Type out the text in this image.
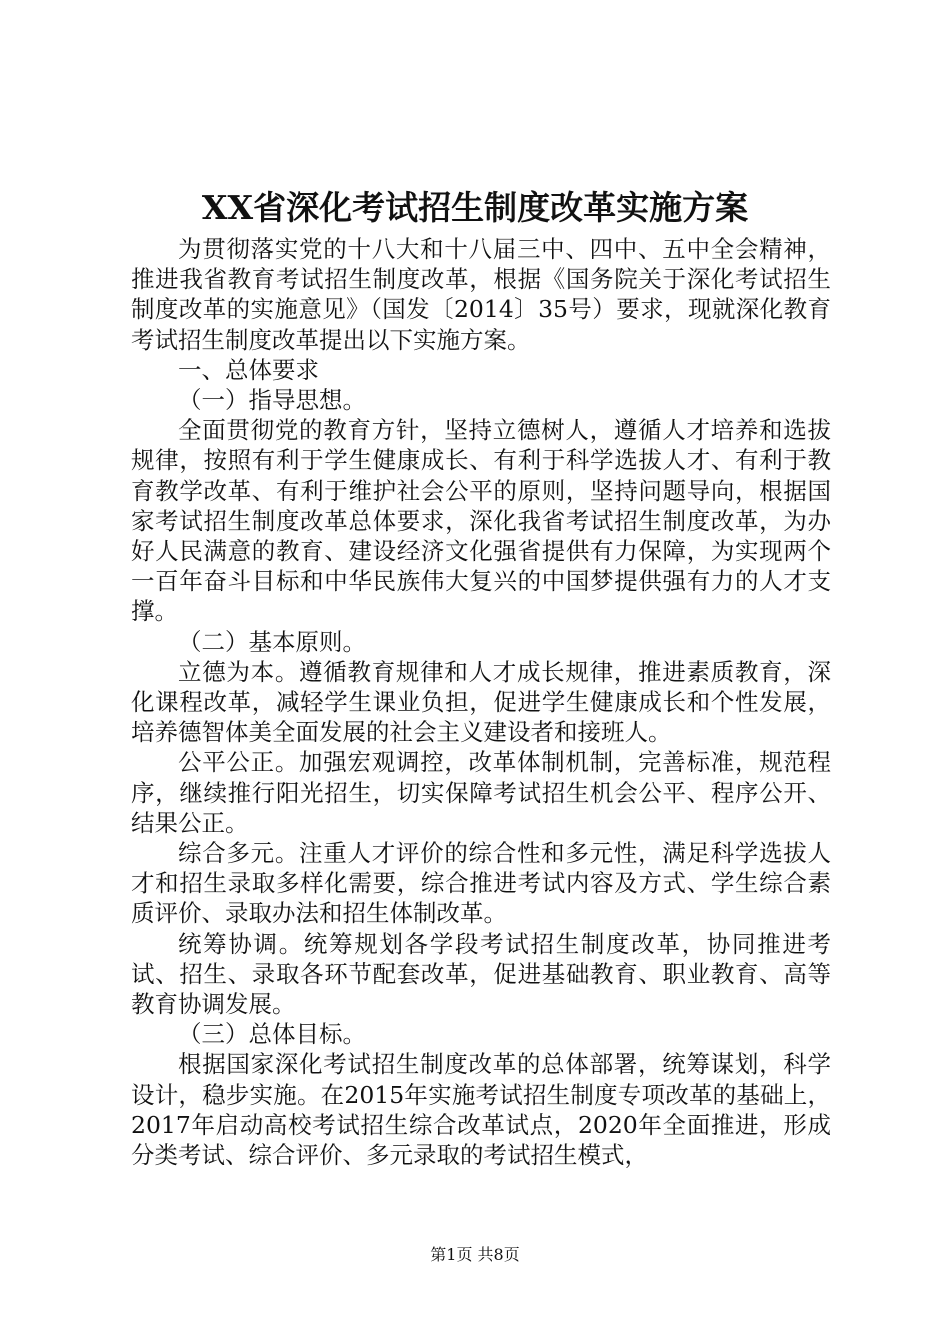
XX省深化考试招生制度改革实施方案

为贯彻落实党的十八大和十八届三中、四中、五中全会精神，推进我省教育考试招生制度改革，根据《国务院关于深化考试招生制度改革的实施意见》（国发〔2014〕35号）要求，现就深化教育考试招生制度改革提出以下实施方案。

一、总体要求

（一）指导思想。

全面贯彻党的教育方针，坚持立德树人，遵循人才培养和选拔规律，按照有利于学生健康成长、有利于科学选拔人才、有利于教育教学改革、有利于维护社会公平的原则，坚持问题导向，根据国家考试招生制度改革总体要求，深化我省考试招生制度改革，为办好人民满意的教育、建设经济文化强省提供有力保障，为实现两个一百年奋斗目标和中华民族伟大复兴的中国梦提供强有力的人才支撑。

（二）基本原则。

立德为本。遵循教育规律和人才成长规律，推进素质教育，深化课程改革，减轻学生课业负担，促进学生健康成长和个性发展，培养德智体美全面发展的社会主义建设者和接班人。

公平公正。加强宏观调控，改革体制机制，完善标准，规范程序，继续推行阳光招生，切实保障考试招生机会公平、程序公开、结果公正。

综合多元。注重人才评价的综合性和多元性，满足科学选拔人才和招生录取多样化需要，综合推进考试内容及方式、学生综合素质评价、录取办法和招生体制改革。

统筹协调。统筹规划各学段考试招生制度改革，协同推进考试、招生、录取各环节配套改革，促进基础教育、职业教育、高等教育协调发展。

（三）总体目标。

根据国家深化考试招生制度改革的总体部署，统筹谋划，科学设计，稳步实施。在2015年实施考试招生制度专项改革的基础上，2017年启动高校考试招生综合改革试点，2020年全面推进，形成分类考试、综合评价、多元录取的考试招生模式，

第1页 共8页
